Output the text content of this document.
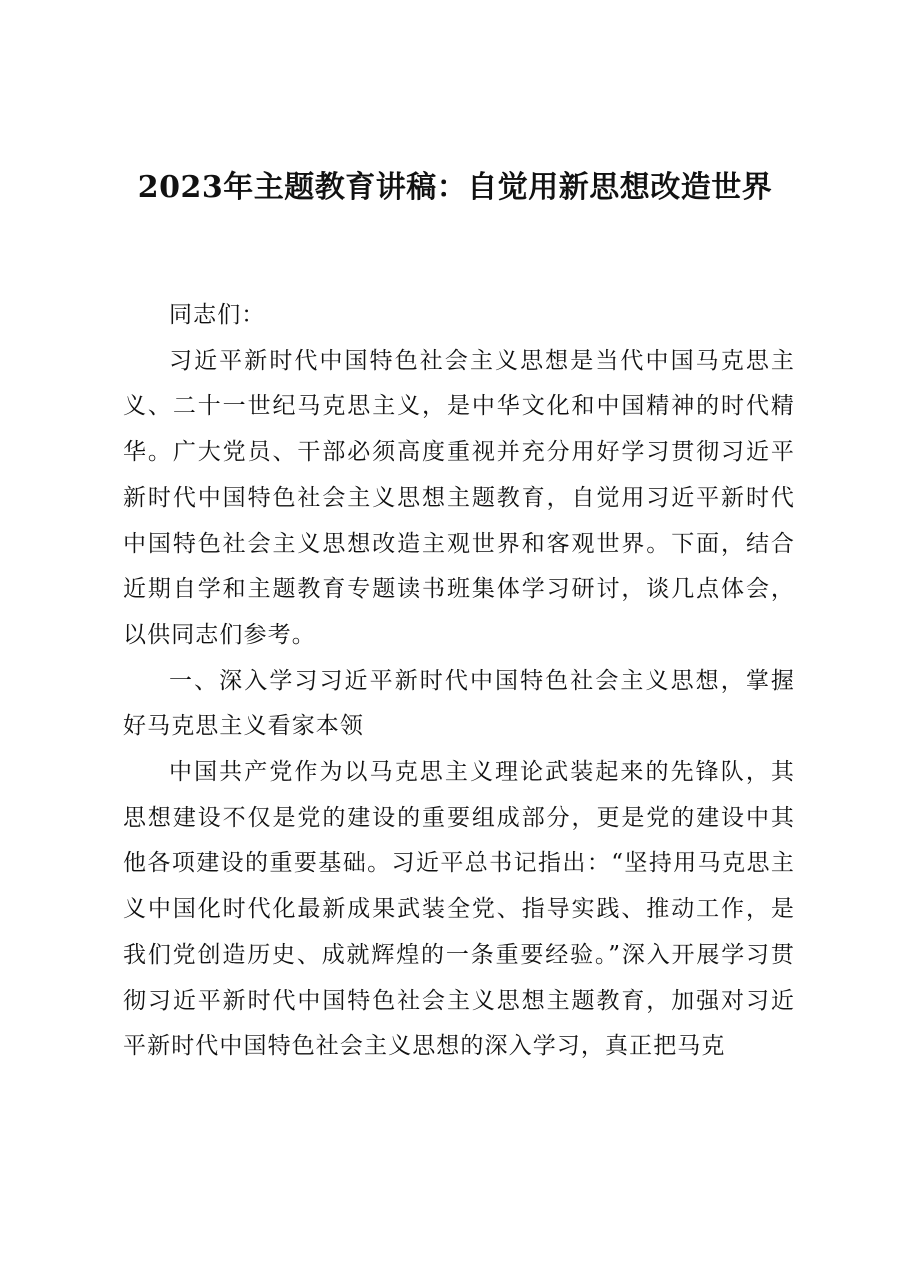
2023年主题教育讲稿：自觉用新思想改造世界

同志们：

习近平新时代中国特色社会主义思想是当代中国马克思主义、二十一世纪马克思主义，是中华文化和中国精神的时代精华。广大党员、干部必须高度重视并充分用好学习贯彻习近平新时代中国特色社会主义思想主题教育，自觉用习近平新时代中国特色社会主义思想改造主观世界和客观世界。下面，结合近期自学和主题教育专题读书班集体学习研讨，谈几点体会，以供同志们参考。

一、深入学习习近平新时代中国特色社会主义思想，掌握好马克思主义看家本领

中国共产党作为以马克思主义理论武装起来的先锋队，其思想建设不仅是党的建设的重要组成部分，更是党的建设中其他各项建设的重要基础。习近平总书记指出：“坚持用马克思主义中国化时代化最新成果武装全党、指导实践、推动工作，是我们党创造历史、成就辉煌的一条重要经验。”深入开展学习贯彻习近平新时代中国特色社会主义思想主题教育，加强对习近平新时代中国特色社会主义思想的深入学习，真正把马克
